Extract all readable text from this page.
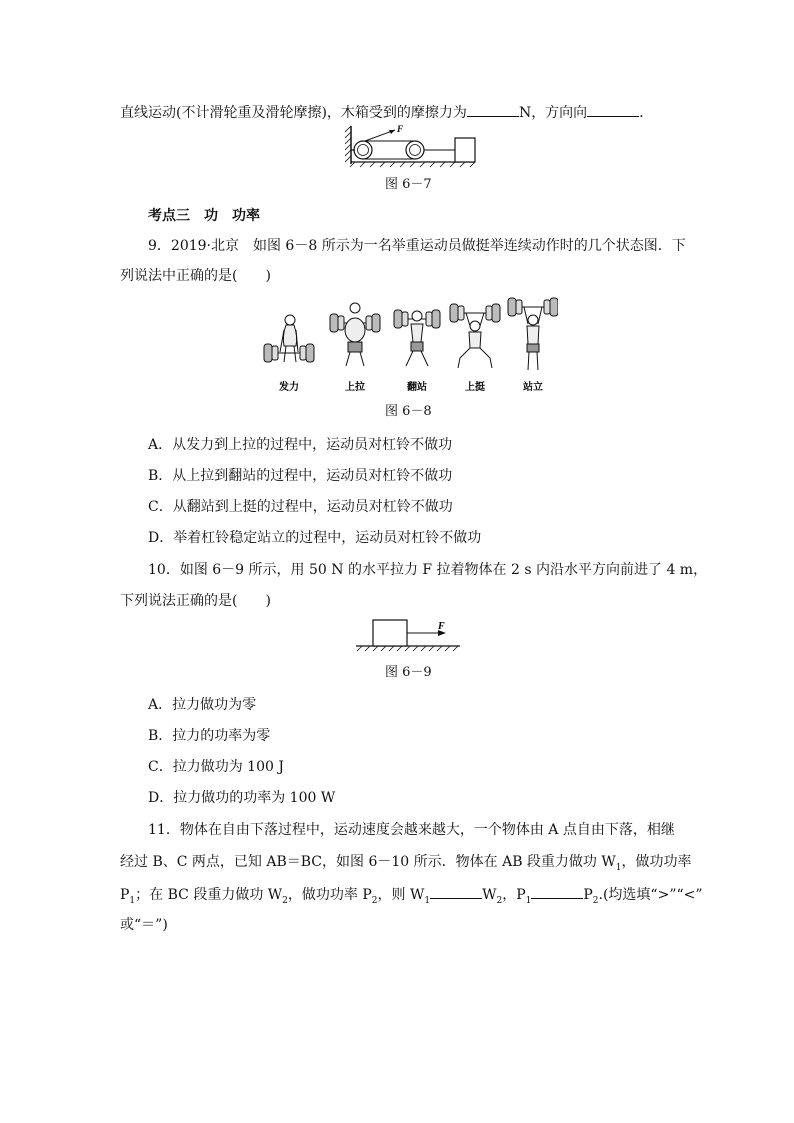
直线运动(不计滑轮重及滑轮摩擦)，木箱受到的摩擦力为	N，方向向	．
F
图 6－7
考点三　功　功率
9．2019·北京　如图 6－8 所示为一名举重运动员做挺举连续动作时的几个状态图．下
列说法中正确的是(　　)
发力	上拉	翻站	上挺	站立
图 6－8
A．从发力到上拉的过程中，运动员对杠铃不做功
B．从上拉到翻站的过程中，运动员对杠铃不做功
C．从翻站到上挺的过程中，运动员对杠铃不做功
D．举着杠铃稳定站立的过程中，运动员对杠铃不做功
10．如图 6－9 所示，用 50 N 的水平拉力 F 拉着物体在 2 s 内沿水平方向前进了 4 m，
下列说法正确的是(　　)
F
图 6－9
A．拉力做功为零
B．拉力的功率为零
C．拉力做功为 100 J
D．拉力做功的功率为 100 W
11．物体在自由下落过程中，运动速度会越来越大，一个物体由 A 点自由下落，相继
经过 B、C 两点，已知 AB＝BC，如图 6－10 所示．物体在 AB 段重力做功 $W_1$，做功功率
$P_1$；在 BC 段重力做功 $W_2$，做功功率 $P_2$，则 $W_1$	$W_2$，$P_1$	$P_2$.(均选填“>”“<”
或“＝”)
